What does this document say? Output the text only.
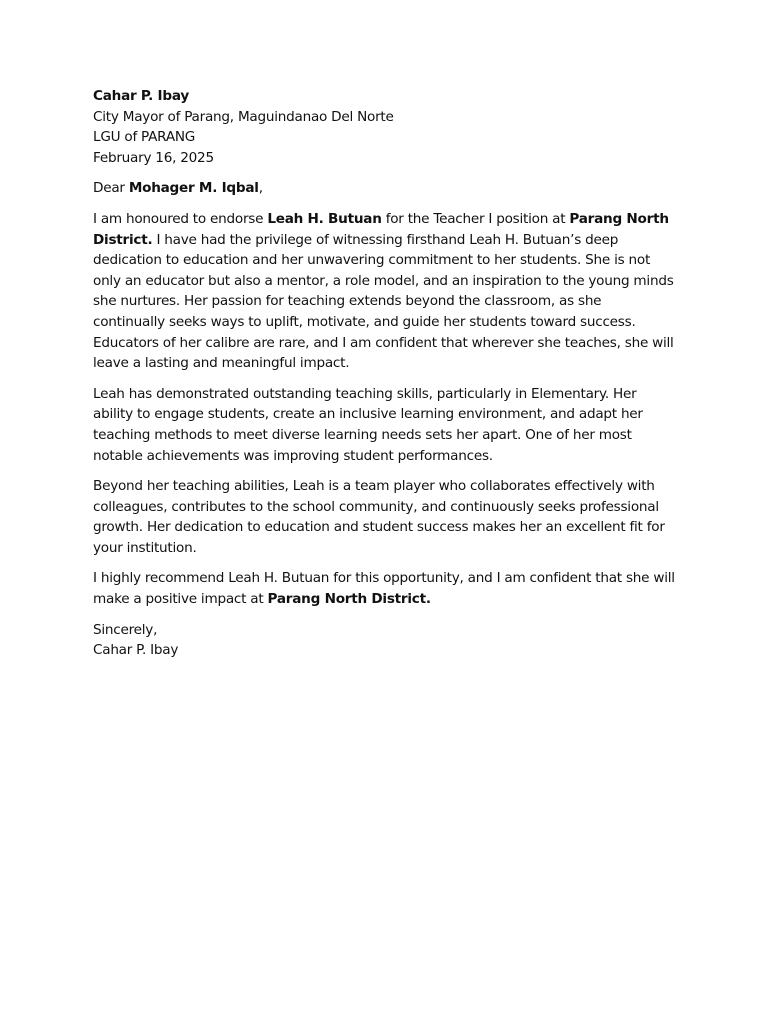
Cahar P. Ibay
City Mayor of Parang, Maguindanao Del Norte
LGU of PARANG
February 16, 2025

Dear Mohager M. Iqbal,

I am honoured to endorse Leah H. Butuan for the Teacher I position at Parang North District. I have had the privilege of witnessing firsthand Leah H. Butuan’s deep dedication to education and her unwavering commitment to her students. She is not only an educator but also a mentor, a role model, and an inspiration to the young minds she nurtures. Her passion for teaching extends beyond the classroom, as she continually seeks ways to uplift, motivate, and guide her students toward success. Educators of her calibre are rare, and I am confident that wherever she teaches, she will leave a lasting and meaningful impact.

Leah has demonstrated outstanding teaching skills, particularly in Elementary. Her ability to engage students, create an inclusive learning environment, and adapt her teaching methods to meet diverse learning needs sets her apart. One of her most notable achievements was improving student performances.

Beyond her teaching abilities, Leah is a team player who collaborates effectively with colleagues, contributes to the school community, and continuously seeks professional growth. Her dedication to education and student success makes her an excellent fit for your institution.

I highly recommend Leah H. Butuan for this opportunity, and I am confident that she will make a positive impact at Parang North District.

Sincerely,
Cahar P. Ibay
